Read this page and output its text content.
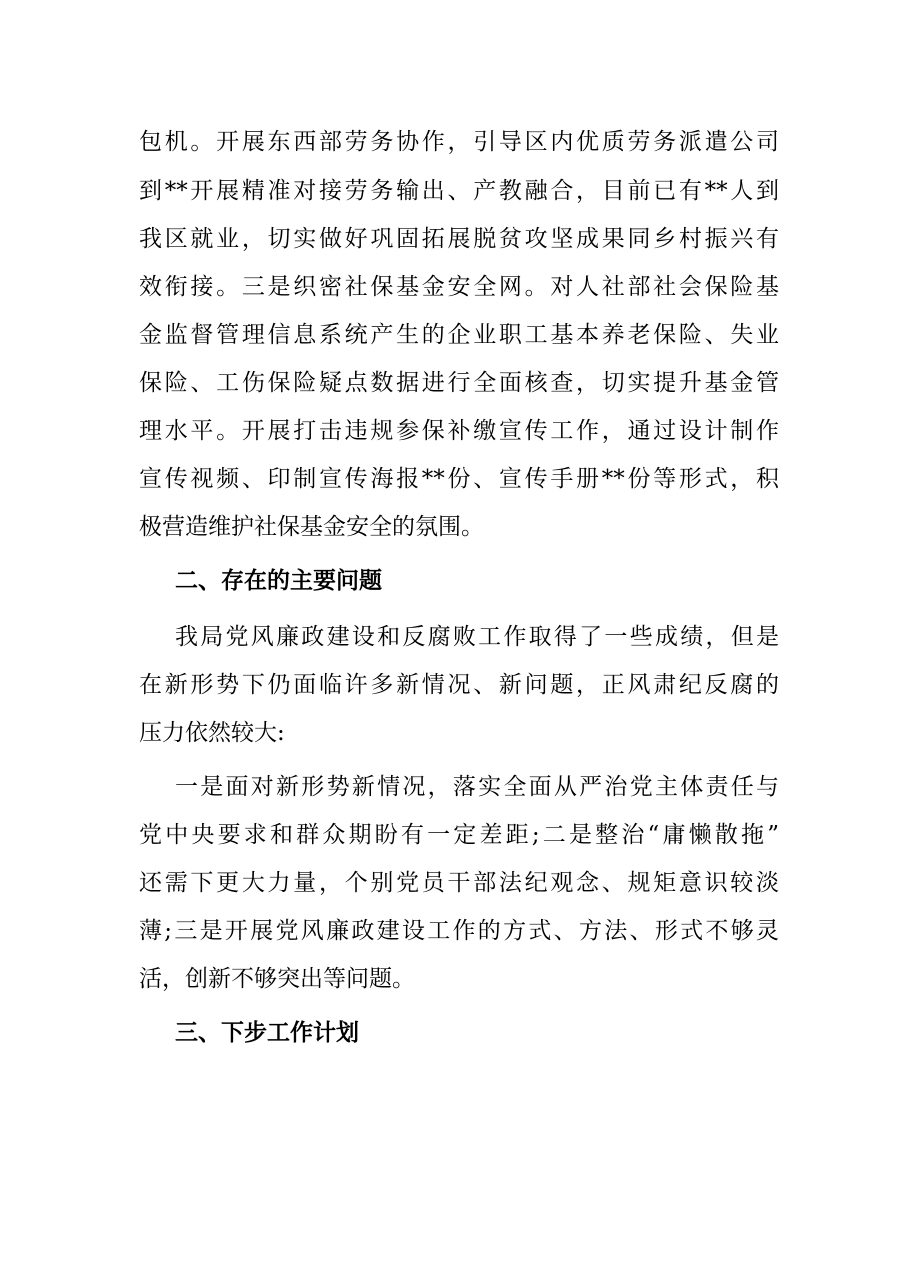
包机。开展东西部劳务协作，引导区内优质劳务派遣公司
到**开展精准对接劳务输出、产教融合，目前已有**人到
我区就业，切实做好巩固拓展脱贫攻坚成果同乡村振兴有
效衔接。三是织密社保基金安全网。对人社部社会保险基
金监督管理信息系统产生的企业职工基本养老保险、失业
保险、工伤保险疑点数据进行全面核查，切实提升基金管
理水平。开展打击违规参保补缴宣传工作，通过设计制作
宣传视频、印制宣传海报**份、宣传手册**份等形式，积
极营造维护社保基金安全的氛围。
二、存在的主要问题
我局党风廉政建设和反腐败工作取得了一些成绩，但是
在新形势下仍面临许多新情况、新问题，正风肃纪反腐的
压力依然较大:
一是面对新形势新情况，落实全面从严治党主体责任与
党中央要求和群众期盼有一定差距;二是整治“庸懒散拖”
还需下更大力量，个别党员干部法纪观念、规矩意识较淡
薄;三是开展党风廉政建设工作的方式、方法、形式不够灵
活，创新不够突出等问题。
三、下步工作计划
